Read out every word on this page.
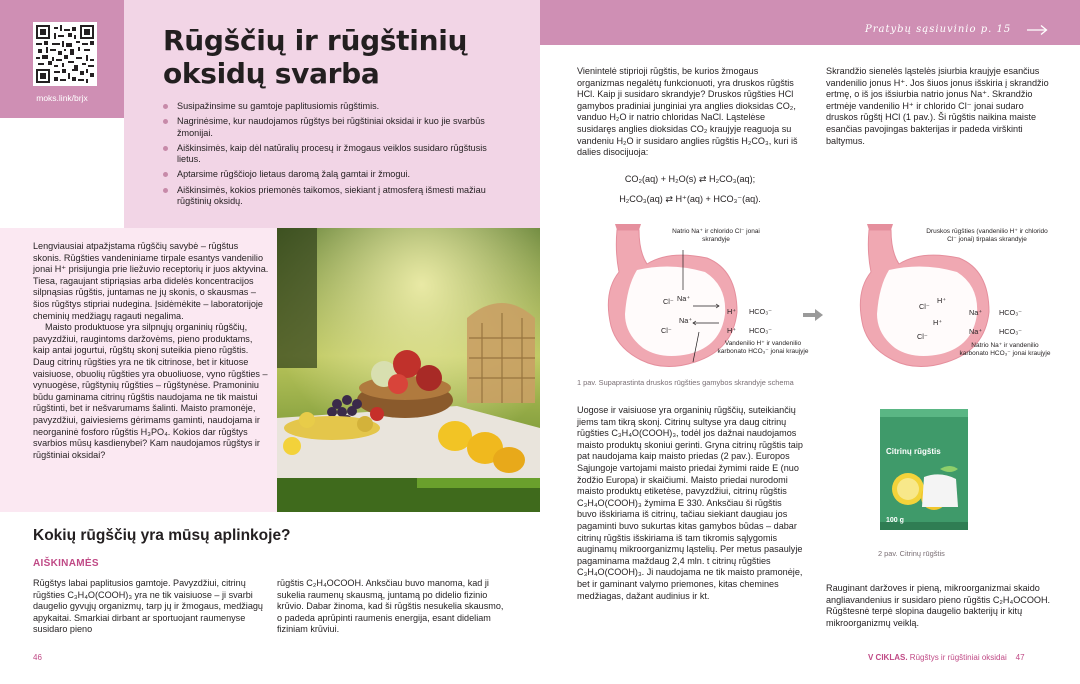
moks.link/brjx
Rūgščių ir rūgštinių oksidų svarba
Susipažinsime su gamtoje paplitusiomis rūgštimis.
Nagrinėsime, kur naudojamos rūgštys bei rūgštiniai oksidai ir kuo jie svarbūs žmonijai.
Aiškinsimės, kaip dėl natūralių procesų ir žmogaus veiklos susidaro rūgštusis lietus.
Aptarsime rūgščiojo lietaus daromą žalą gamtai ir žmogui.
Aiškinsimės, kokios priemonės taikomos, siekiant į atmosferą išmesti mažiau rūgštinių oksidų.

Lengviausiai atpažįstama rūgščių savybė – rūgštus skonis. Rūgšties vandeniniame tirpale esantys vandenilio jonai H⁺ prisijungia prie liežuvio receptorių ir juos aktyvina. Tiesa, ragaujant stipriąsias arba didelės koncentracijos silpnąsias rūgštis, juntamas ne jų skonis, o skausmas – šios rūgštys stipriai nudegina. Įsidėmėkite – laboratorijoje cheminių medžiagų ragauti negalima.

Maisto produktuose yra silpnųjų organinių rūgščių, pavyzdžiui, raugintoms daržovėms, pieno produktams, kaip antai jogurtui, rūgštų skonį suteikia pieno rūgštis. Daug citrinų rūgšties yra ne tik citrinose, bet ir kituose vaisiuose, obuolių rūgšties yra obuoliuose, vyno rūgšties – vynuogėse, rūgštynių rūgšties – rūgštynėse. Pramoniniu būdu gaminama citrinų rūgštis naudojama ne tik maistui rūgštinti, bet ir nešvarumams šalinti. Maisto pramonėje, pavyzdžiui, gaiviesiems gėrimams gaminti, naudojama ir neorganinė fosforo rūgštis H₃PO₄. Kokios dar rūgštys svarbios mūsų kasdienybei? Kam naudojamos rūgštys ir rūgštiniai oksidai?

Kokių rūgščių yra mūsų aplinkoje?
AIŠKINAMĖS

Rūgštys labai paplitusios gamtoje. Pavyzdžiui, citrinų rūgšties C₃H₄O(COOH)₃ yra ne tik vaisiuose – ji svarbi daugelio gyvųjų organizmų, tarp jų ir žmogaus, medžiagų apykaitai. Smarkiai dirbant ar sportuojant raumenyse susidaro pieno

rūgštis C₂H₄OCOOH. Anksčiau buvo manoma, kad ji sukelia raumenų skausmą, juntamą po didelio fizinio krūvio. Dabar žinoma, kad ši rūgštis nesukelia skausmo, o padeda aprūpinti raumenis energija, esant dideliam fiziniam krūviui.

46
Pratybų sąsiuvinio p. 15

Vienintelė stiprioji rūgštis, be kurios žmogaus organizmas negalėtų funkcionuoti, yra druskos rūgštis HCl. Kaip ji susidaro skrandyje? Druskos rūgšties HCl gamybos pradiniai junginiai yra anglies dioksidas CO₂, vanduo H₂O ir natrio chloridas NaCl. Ląstelėse susidaręs anglies dioksidas CO₂ kraujyje reaguoja su vandeniu H₂O ir susidaro anglies rūgštis H₂CO₃, kuri iš dalies disocijuoja:

CO₂(aq) + H₂O(s) ⇄ H₂CO₃(aq);
H₂CO₃(aq) ⇄ H⁺(aq) + HCO₃⁻(aq).

Skrandžio sienelės ląstelės įsiurbia kraujyje esančius vandenilio jonus H⁺. Jos šiuos jonus išskiria į skrandžio ertmę, o iš jos išsiurbia natrio jonus Na⁺. Skrandžio ertmėje vandenilio H⁺ ir chlorido Cl⁻ jonai sudaro druskos rūgštį HCl (1 pav.). Ši rūgštis naikina maiste esančias pavojingas bakterijas ir padeda virškinti baltymus.

Natrio Na⁺ ir chlorido Cl⁻ jonai skrandyje
Vandenilio H⁺ ir vandenilio karbonato HCO₃⁻ jonai kraujyje
Druskos rūgšties (vandenilio H⁺ ir chlorido Cl⁻ jonai) tirpalas skrandyje
Natrio Na⁺ ir vandenilio karbonato HCO₃⁻ jonai kraujyje
Cl⁻ Na⁺
Na⁺
Cl⁻
H⁺ HCO₃⁻
H⁺ HCO₃⁻
Cl⁻
H⁺
H⁺
Cl⁻
Na⁺ HCO₃⁻
Na⁺ HCO₃⁻
1 pav. Supaprastinta druskos rūgšties gamybos skrandyje schema

Uogose ir vaisiuose yra organinių rūgščių, suteikiančių jiems tam tikrą skonį. Citrinų sultyse yra daug citrinų rūgšties C₃H₄O(COOH)₃, todėl jos dažnai naudojamos maisto produktų skoniui gerinti. Gryna citrinų rūgštis taip pat naudojama kaip maisto priedas (2 pav.). Europos Sąjungoje vartojami maisto priedai žymimi raide E (nuo žodžio Europa) ir skaičiumi. Maisto priedai nurodomi maisto produktų etiketėse, pavyzdžiui, citrinų rūgštis C₃H₄O(COOH)₃ žymima E 330. Anksčiau ši rūgštis buvo išskiriama iš citrinų, tačiau siekiant daugiau jos pagaminti buvo sukurtas kitas gamybos būdas – dabar citrinų rūgštis išskiriama iš tam tikromis sąlygomis auginamų mikroorganizmų ląstelių. Per metus pasaulyje pagaminama maždaug 2,4 mln. t citrinų rūgšties C₃H₄O(COOH)₃. Ji naudojama ne tik maisto pramonėje, bet ir gaminant valymo priemones, kitas chemines medžiagas, dažant audinius ir kt.

Citrinų rūgštis
100 g
2 pav. Citrinų rūgštis

Rauginant daržoves ir pieną, mikroorganizmai skaido angliavandenius ir susidaro pieno rūgštis C₂H₄OCOOH. Rūgštesnė terpė slopina daugelio bakterijų ir kitų mikroorganizmų veiklą.

V CIKLAS. Rūgštys ir rūgštiniai oksidai 47
